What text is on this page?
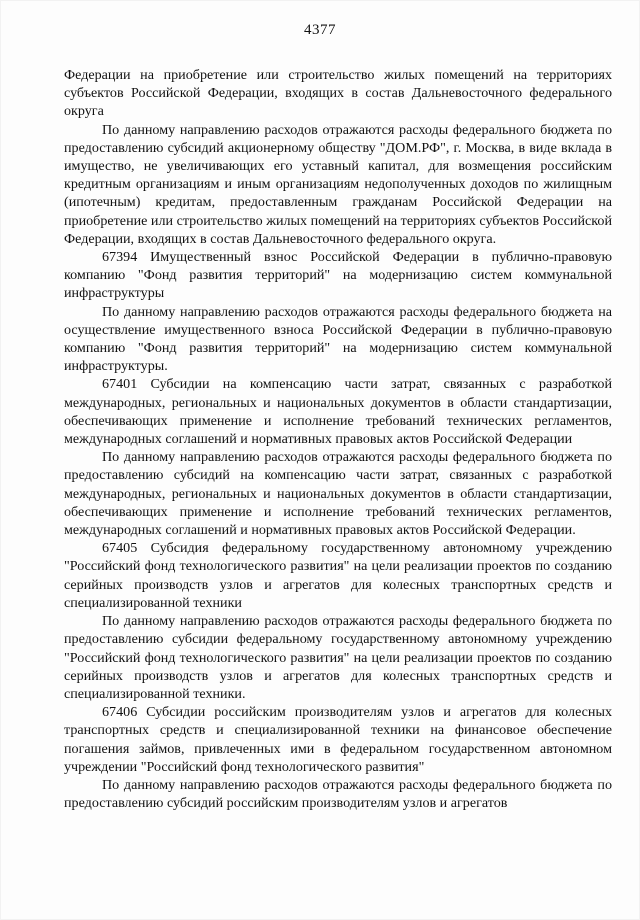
4377

Федерации на приобретение или строительство жилых помещений на территориях субъектов Российской Федерации, входящих в состав Дальневосточного федерального округа

По данному направлению расходов отражаются расходы федерального бюджета по предоставлению субсидий акционерному обществу "ДОМ.РФ", г. Москва, в виде вклада в имущество, не увеличивающих его уставный капитал, для возмещения российским кредитным организациям и иным организациям недополученных доходов по жилищным (ипотечным) кредитам, предоставленным гражданам Российской Федерации на приобретение или строительство жилых помещений на территориях субъектов Российской Федерации, входящих в состав Дальневосточного федерального округа.

67394 Имущественный взнос Российской Федерации в публично-правовую компанию "Фонд развития территорий" на модернизацию систем коммунальной инфраструктуры

По данному направлению расходов отражаются расходы федерального бюджета на осуществление имущественного взноса Российской Федерации в публично-правовую компанию "Фонд развития территорий" на модернизацию систем коммунальной инфраструктуры.

67401 Субсидии на компенсацию части затрат, связанных с разработкой международных, региональных и национальных документов в области стандартизации, обеспечивающих применение и исполнение требований технических регламентов, международных соглашений и нормативных правовых актов Российской Федерации

По данному направлению расходов отражаются расходы федерального бюджета по предоставлению субсидий на компенсацию части затрат, связанных с разработкой международных, региональных и национальных документов в области стандартизации, обеспечивающих применение и исполнение требований технических регламентов, международных соглашений и нормативных правовых актов Российской Федерации.

67405 Субсидия федеральному государственному автономному учреждению "Российский фонд технологического развития" на цели реализации проектов по созданию серийных производств узлов и агрегатов для колесных транспортных средств и специализированной техники

По данному направлению расходов отражаются расходы федерального бюджета по предоставлению субсидии федеральному государственному автономному учреждению "Российский фонд технологического развития" на цели реализации проектов по созданию серийных производств узлов и агрегатов для колесных транспортных средств и специализированной техники.

67406 Субсидии российским производителям узлов и агрегатов для колесных транспортных средств и специализированной техники на финансовое обеспечение погашения займов, привлеченных ими в федеральном государственном автономном учреждении "Российский фонд технологического развития"

По данному направлению расходов отражаются расходы федерального бюджета по предоставлению субсидий российским производителям узлов и агрегатов
